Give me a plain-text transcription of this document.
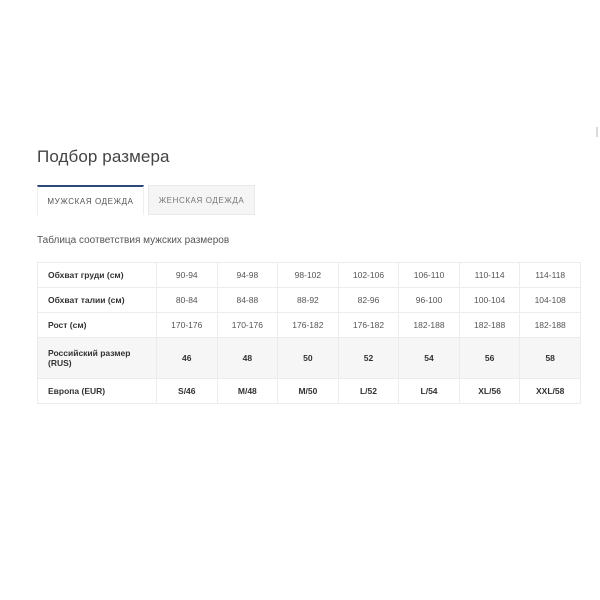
Подбор размера
МУЖСКАЯ ОДЕЖДА	ЖЕНСКАЯ ОДЕЖДА

Таблица соответствия мужских размеров

Обхват груди (см)	90-94	94-98	98-102	102-106	106-110	110-114	114-118
Обхват талии (см)	80-84	84-88	88-92	82-96	96-100	100-104	104-108
Рост (см)	170-176	170-176	176-182	176-182	182-188	182-188	182-188
Российский размер (RUS)	46	48	50	52	54	56	58
Европа (EUR)	S/46	M/48	M/50	L/52	L/54	XL/56	XXL/58
